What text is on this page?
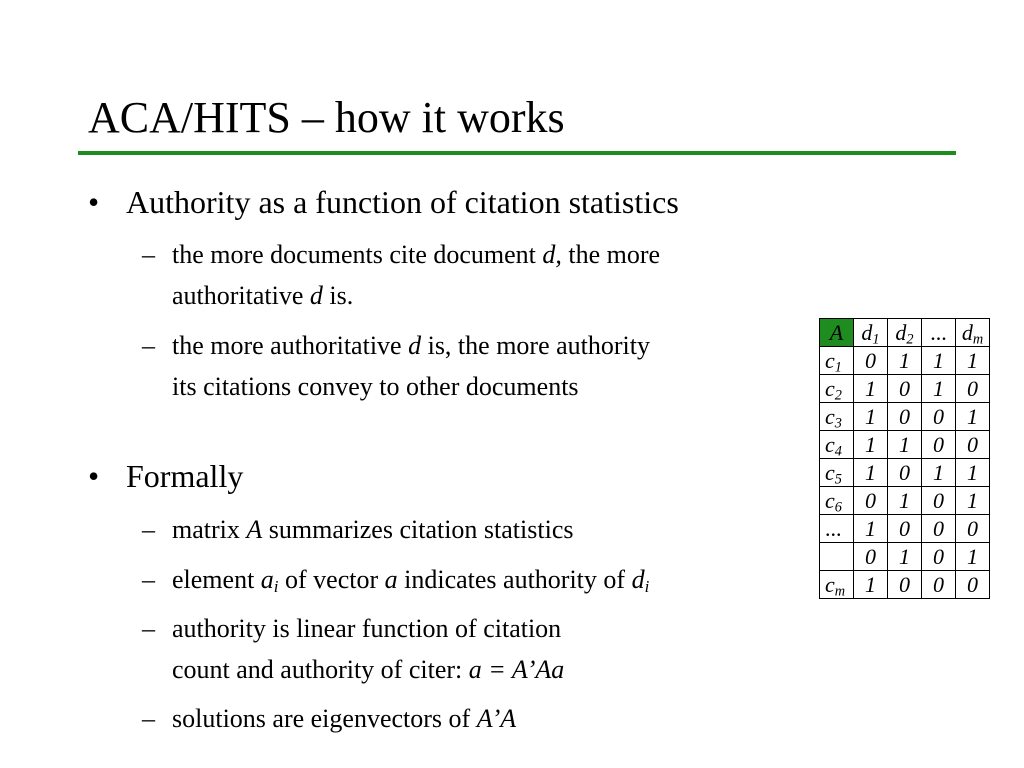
ACA/HITS – how it works
• Authority as a function of citation statistics
– the more documents cite document d, the more
authoritative d is.
– the more authoritative d is, the more authority
its citations convey to other documents
• Formally
– matrix A summarizes citation statistics
– element $a_i$ of vector a indicates authority of $d_i$
– authority is linear function of citation
count and authority of citer: a = A’Aa
– solutions are eigenvectors of A’A
A	$d_1$	$d_2$	...	$d_m$
$c_1$	0	1	1	1
$c_2$	1	0	1	0
$c_3$	1	0	0	1
$c_4$	1	1	0	0
$c_5$	1	0	1	1
$c_6$	0	1	0	1
...	1	0	0	0
	0	1	0	1
$c_m$	1	0	0	0
